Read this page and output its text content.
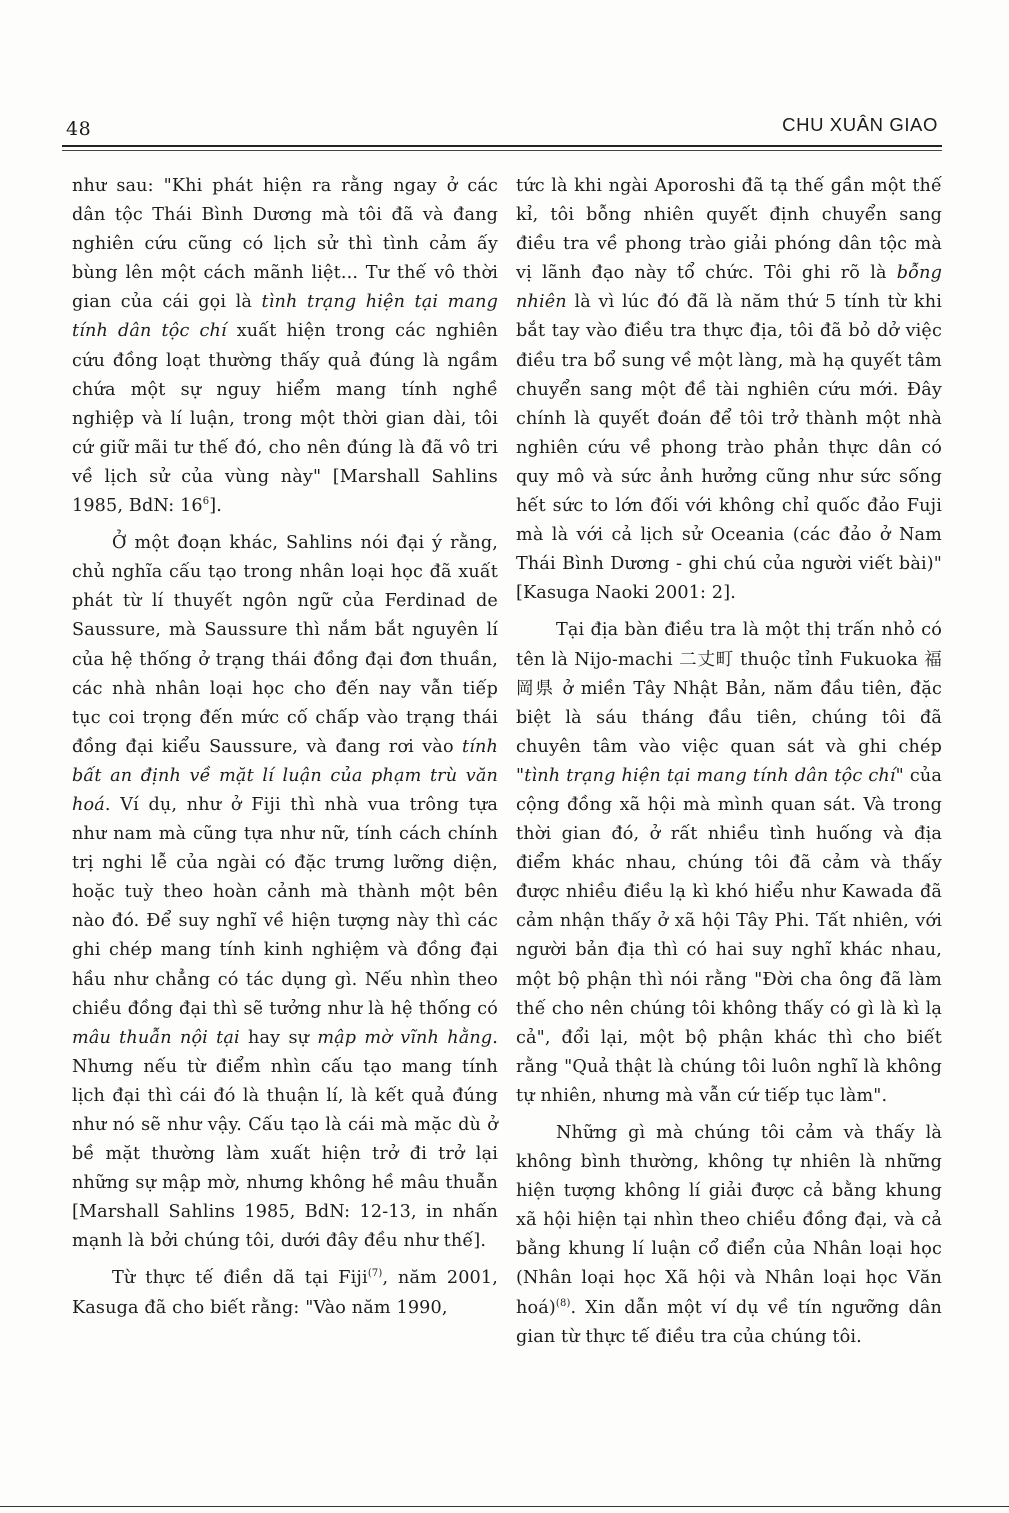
48	CHU XUÂN GIAO

như sau: "Khi phát hiện ra rằng ngay ở các dân tộc Thái Bình Dương mà tôi đã và đang nghiên cứu cũng có lịch sử thì tình cảm ấy bùng lên một cách mãnh liệt... Tư thế vô thời gian của cái gọi là tình trạng hiện tại mang tính dân tộc chí xuất hiện trong các nghiên cứu đồng loạt thường thấy quả đúng là ngầm chứa một sự nguy hiểm mang tính nghề nghiệp và lí luận, trong một thời gian dài, tôi cứ giữ mãi tư thế đó, cho nên đúng là đã vô tri về lịch sử của vùng này" [Marshall Sahlins 1985, BdN: $16^6$].

Ở một đoạn khác, Sahlins nói đại ý rằng, chủ nghĩa cấu tạo trong nhân loại học đã xuất phát từ lí thuyết ngôn ngữ của Ferdinad de Saussure, mà Saussure thì nắm bắt nguyên lí của hệ thống ở trạng thái đồng đại đơn thuần, các nhà nhân loại học cho đến nay vẫn tiếp tục coi trọng đến mức cố chấp vào trạng thái đồng đại kiểu Saussure, và đang rơi vào tính bất an định về mặt lí luận của phạm trù văn hoá. Ví dụ, như ở Fiji thì nhà vua trông tựa như nam mà cũng tựa như nữ, tính cách chính trị nghi lễ của ngài có đặc trưng lưỡng diện, hoặc tuỳ theo hoàn cảnh mà thành một bên nào đó. Để suy nghĩ về hiện tượng này thì các ghi chép mang tính kinh nghiệm và đồng đại hầu như chẳng có tác dụng gì. Nếu nhìn theo chiều đồng đại thì sẽ tưởng như là hệ thống có mâu thuẫn nội tại hay sự mập mờ vĩnh hằng. Nhưng nếu từ điểm nhìn cấu tạo mang tính lịch đại thì cái đó là thuận lí, là kết quả đúng như nó sẽ như vậy. Cấu tạo là cái mà mặc dù ở bề mặt thường làm xuất hiện trở đi trở lại những sự mập mờ, nhưng không hề mâu thuẫn [Marshall Sahlins 1985, BdN: 12-13, in nhấn mạnh là bởi chúng tôi, dưới đây đều như thế].

Từ thực tế điền dã tại Fiji$^{(7)}$, năm 2001, Kasuga đã cho biết rằng: "Vào năm 1990,

tức là khi ngài Aporoshi đã tạ thế gần một thế kỉ, tôi bỗng nhiên quyết định chuyển sang điều tra về phong trào giải phóng dân tộc mà vị lãnh đạo này tổ chức. Tôi ghi rõ là bỗng nhiên là vì lúc đó đã là năm thứ 5 tính từ khi bắt tay vào điều tra thực địa, tôi đã bỏ dở việc điều tra bổ sung về một làng, mà hạ quyết tâm chuyển sang một đề tài nghiên cứu mới. Đây chính là quyết đoán để tôi trở thành một nhà nghiên cứu về phong trào phản thực dân có quy mô và sức ảnh hưởng cũng như sức sống hết sức to lớn đối với không chỉ quốc đảo Fuji mà là với cả lịch sử Oceania (các đảo ở Nam Thái Bình Dương - ghi chú của người viết bài)" [Kasuga Naoki 2001: 2].

Tại địa bàn điều tra là một thị trấn nhỏ có tên là Nijo-machi 二丈町 thuộc tỉnh Fukuoka 福岡県 ở miền Tây Nhật Bản, năm đầu tiên, đặc biệt là sáu tháng đầu tiên, chúng tôi đã chuyên tâm vào việc quan sát và ghi chép "tình trạng hiện tại mang tính dân tộc chí" của cộng đồng xã hội mà mình quan sát. Và trong thời gian đó, ở rất nhiều tình huống và địa điểm khác nhau, chúng tôi đã cảm và thấy được nhiều điều lạ kì khó hiểu như Kawada đã cảm nhận thấy ở xã hội Tây Phi. Tất nhiên, với người bản địa thì có hai suy nghĩ khác nhau, một bộ phận thì nói rằng "Đời cha ông đã làm thế cho nên chúng tôi không thấy có gì là kì lạ cả", đổi lại, một bộ phận khác thì cho biết rằng "Quả thật là chúng tôi luôn nghĩ là không tự nhiên, nhưng mà vẫn cứ tiếp tục làm".

Những gì mà chúng tôi cảm và thấy là không bình thường, không tự nhiên là những hiện tượng không lí giải được cả bằng khung xã hội hiện tại nhìn theo chiều đồng đại, và cả bằng khung lí luận cổ điển của Nhân loại học (Nhân loại học Xã hội và Nhân loại học Văn hoá)$^{(8)}$. Xin dẫn một ví dụ về tín ngưỡng dân gian từ thực tế điều tra của chúng tôi.
